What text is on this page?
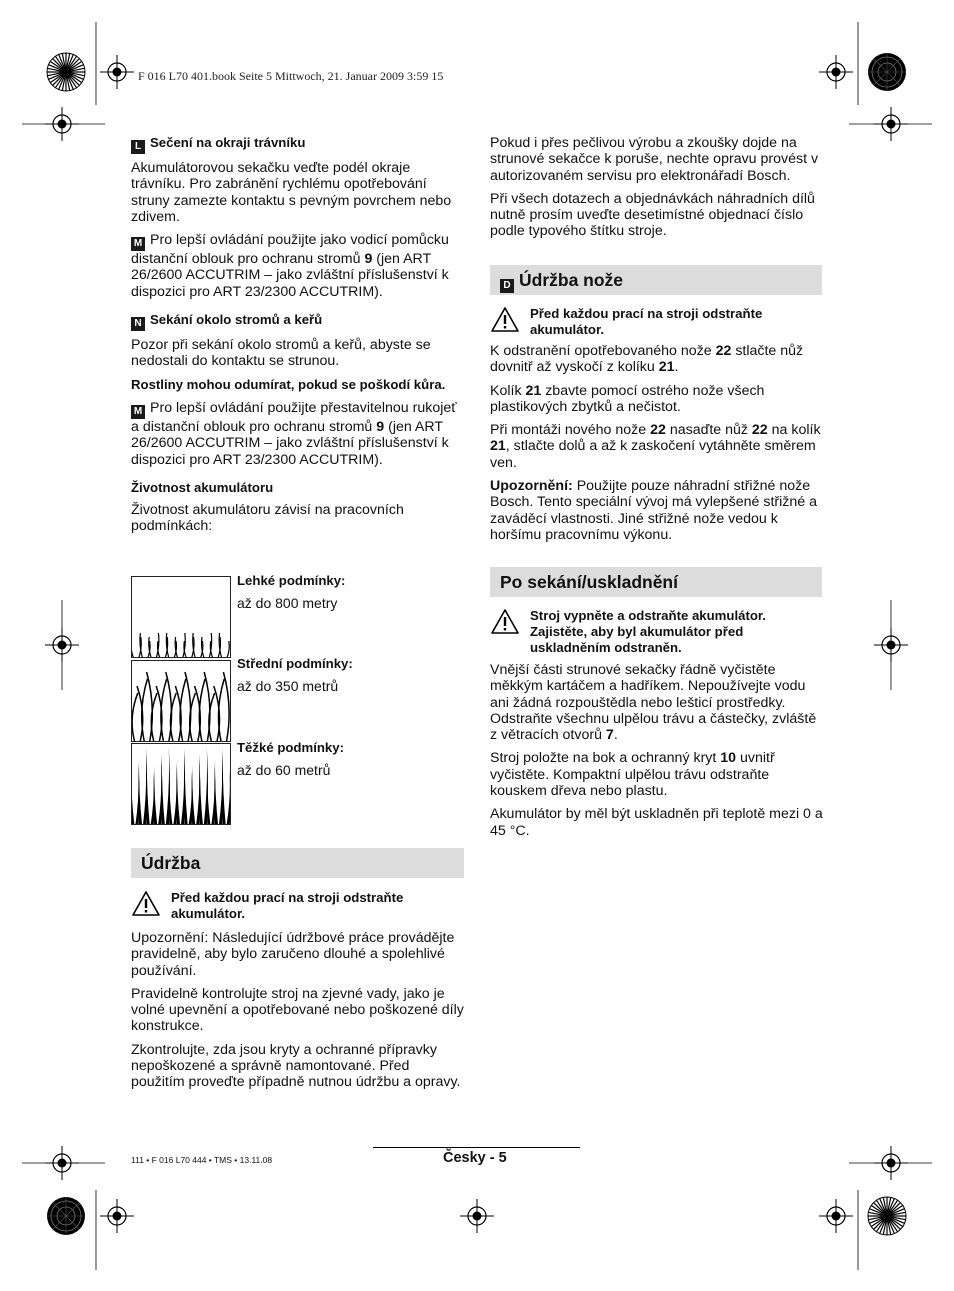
F 016 L70 401.book Seite 5 Mittwoch, 21. Januar 2009 3:59 15
L Sečení na okraji trávníku

Akumulátorovou sekačku veďte podél okraje trávníku. Pro zabránění rychlému opotřebování struny zamezte kontaktu s pevným povrchem nebo zdivem.

M Pro lepší ovládání použijte jako vodicí pomůcku distanční oblouk pro ochranu stromů 9 (jen ART 26/2600 ACCUTRIM – jako zvláštní příslušenství k dispozici pro ART 23/2300 ACCUTRIM).

N Sekání okolo stromů a keřů

Pozor při sekání okolo stromů a keřů, abyste se nedostali do kontaktu se strunou.

Rostliny mohou odumírat, pokud se poškodí kůra.

M Pro lepší ovládání použijte přestavitelnou rukojeť a distanční oblouk pro ochranu stromů 9 (jen ART 26/2600 ACCUTRIM – jako zvláštní příslušenství k dispozici pro ART 23/2300 ACCUTRIM).

Životnost akumulátoru

Životnost akumulátoru závisí na pracovních podmínkách:

Lehké podmínky:
až do 800 metry
Střední podmínky:
až do 350 metrů
Těžké podmínky:
až do 60 metrů
Údržba
Před každou prací na stroji odstraňte akumulátor.

Upozornění: Následující údržbové práce provádějte pravidelně, aby bylo zaručeno dlouhé a spolehlivé používání.

Pravidelně kontrolujte stroj na zjevné vady, jako je volné upevnění a opotřebované nebo poškozené díly konstrukce.

Zkontrolujte, zda jsou kryty a ochranné přípravky nepoškozené a správně namontované. Před použitím proveďte případně nutnou údržbu a opravy.

Pokud i přes pečlivou výrobu a zkoušky dojde na strunové sekačce k poruše, nechte opravu provést v autorizovaném servisu pro elektronářadí Bosch.

Při všech dotazech a objednávkách náhradních dílů nutně prosím uveďte desetimístné objednací číslo podle typového štítku stroje.

D Údržba nože
Před každou prací na stroji odstraňte akumulátor.

K odstranění opotřebovaného nože 22 stlačte nůž dovnitř až vyskočí z kolíku 21.

Kolík 21 zbavte pomocí ostrého nože všech plastikových zbytků a nečistot.

Při montáži nového nože 22 nasaďte nůž 22 na kolík 21, stlačte dolů a až k zaskočení vytáhněte směrem ven.

Upozornění: Použijte pouze náhradní střižné nože Bosch. Tento speciální vývoj má vylepšené střižné a zaváděcí vlastnosti. Jiné střižné nože vedou k horšímu pracovnímu výkonu.

Po sekání/uskladnění
Stroj vypněte a odstraňte akumulátor. Zajistěte, aby byl akumulátor před uskladněním odstraněn.

Vnější části strunové sekačky řádně vyčistěte měkkým kartáčem a hadříkem. Nepoužívejte vodu ani žádná rozpouštědla nebo lešticí prostředky. Odstraňte všechnu ulpělou trávu a částečky, zvláště z větracích otvorů 7.

Stroj položte na bok a ochranný kryt 10 uvnitř vyčistěte. Kompaktní ulpělou trávu odstraňte kouskem dřeva nebo plastu.

Akumulátor by měl být uskladněn při teplotě mezi 0 a 45 °C.

111 • F 016 L70 444 • TMS • 13.11.08	Česky - 5
